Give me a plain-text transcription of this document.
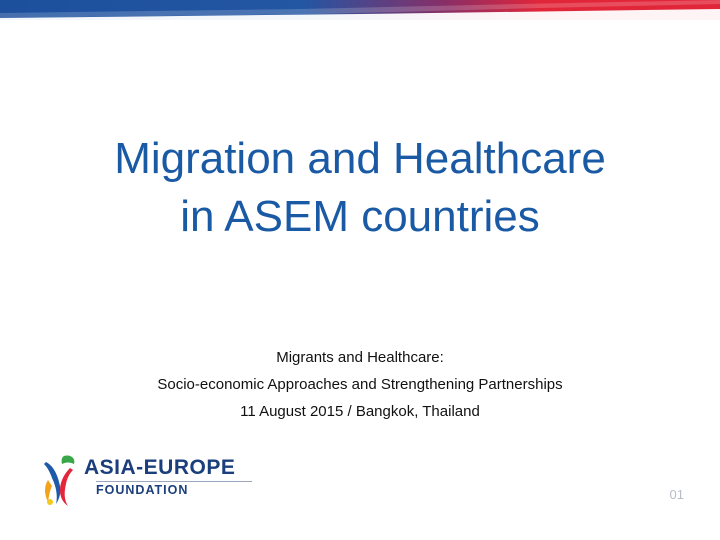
Migration and Healthcare
in ASEM countries
Migrants and Healthcare:
Socio-economic Approaches and Strengthening Partnerships
11 August 2015 / Bangkok, Thailand
ASIA-EUROPE
FOUNDATION	01
